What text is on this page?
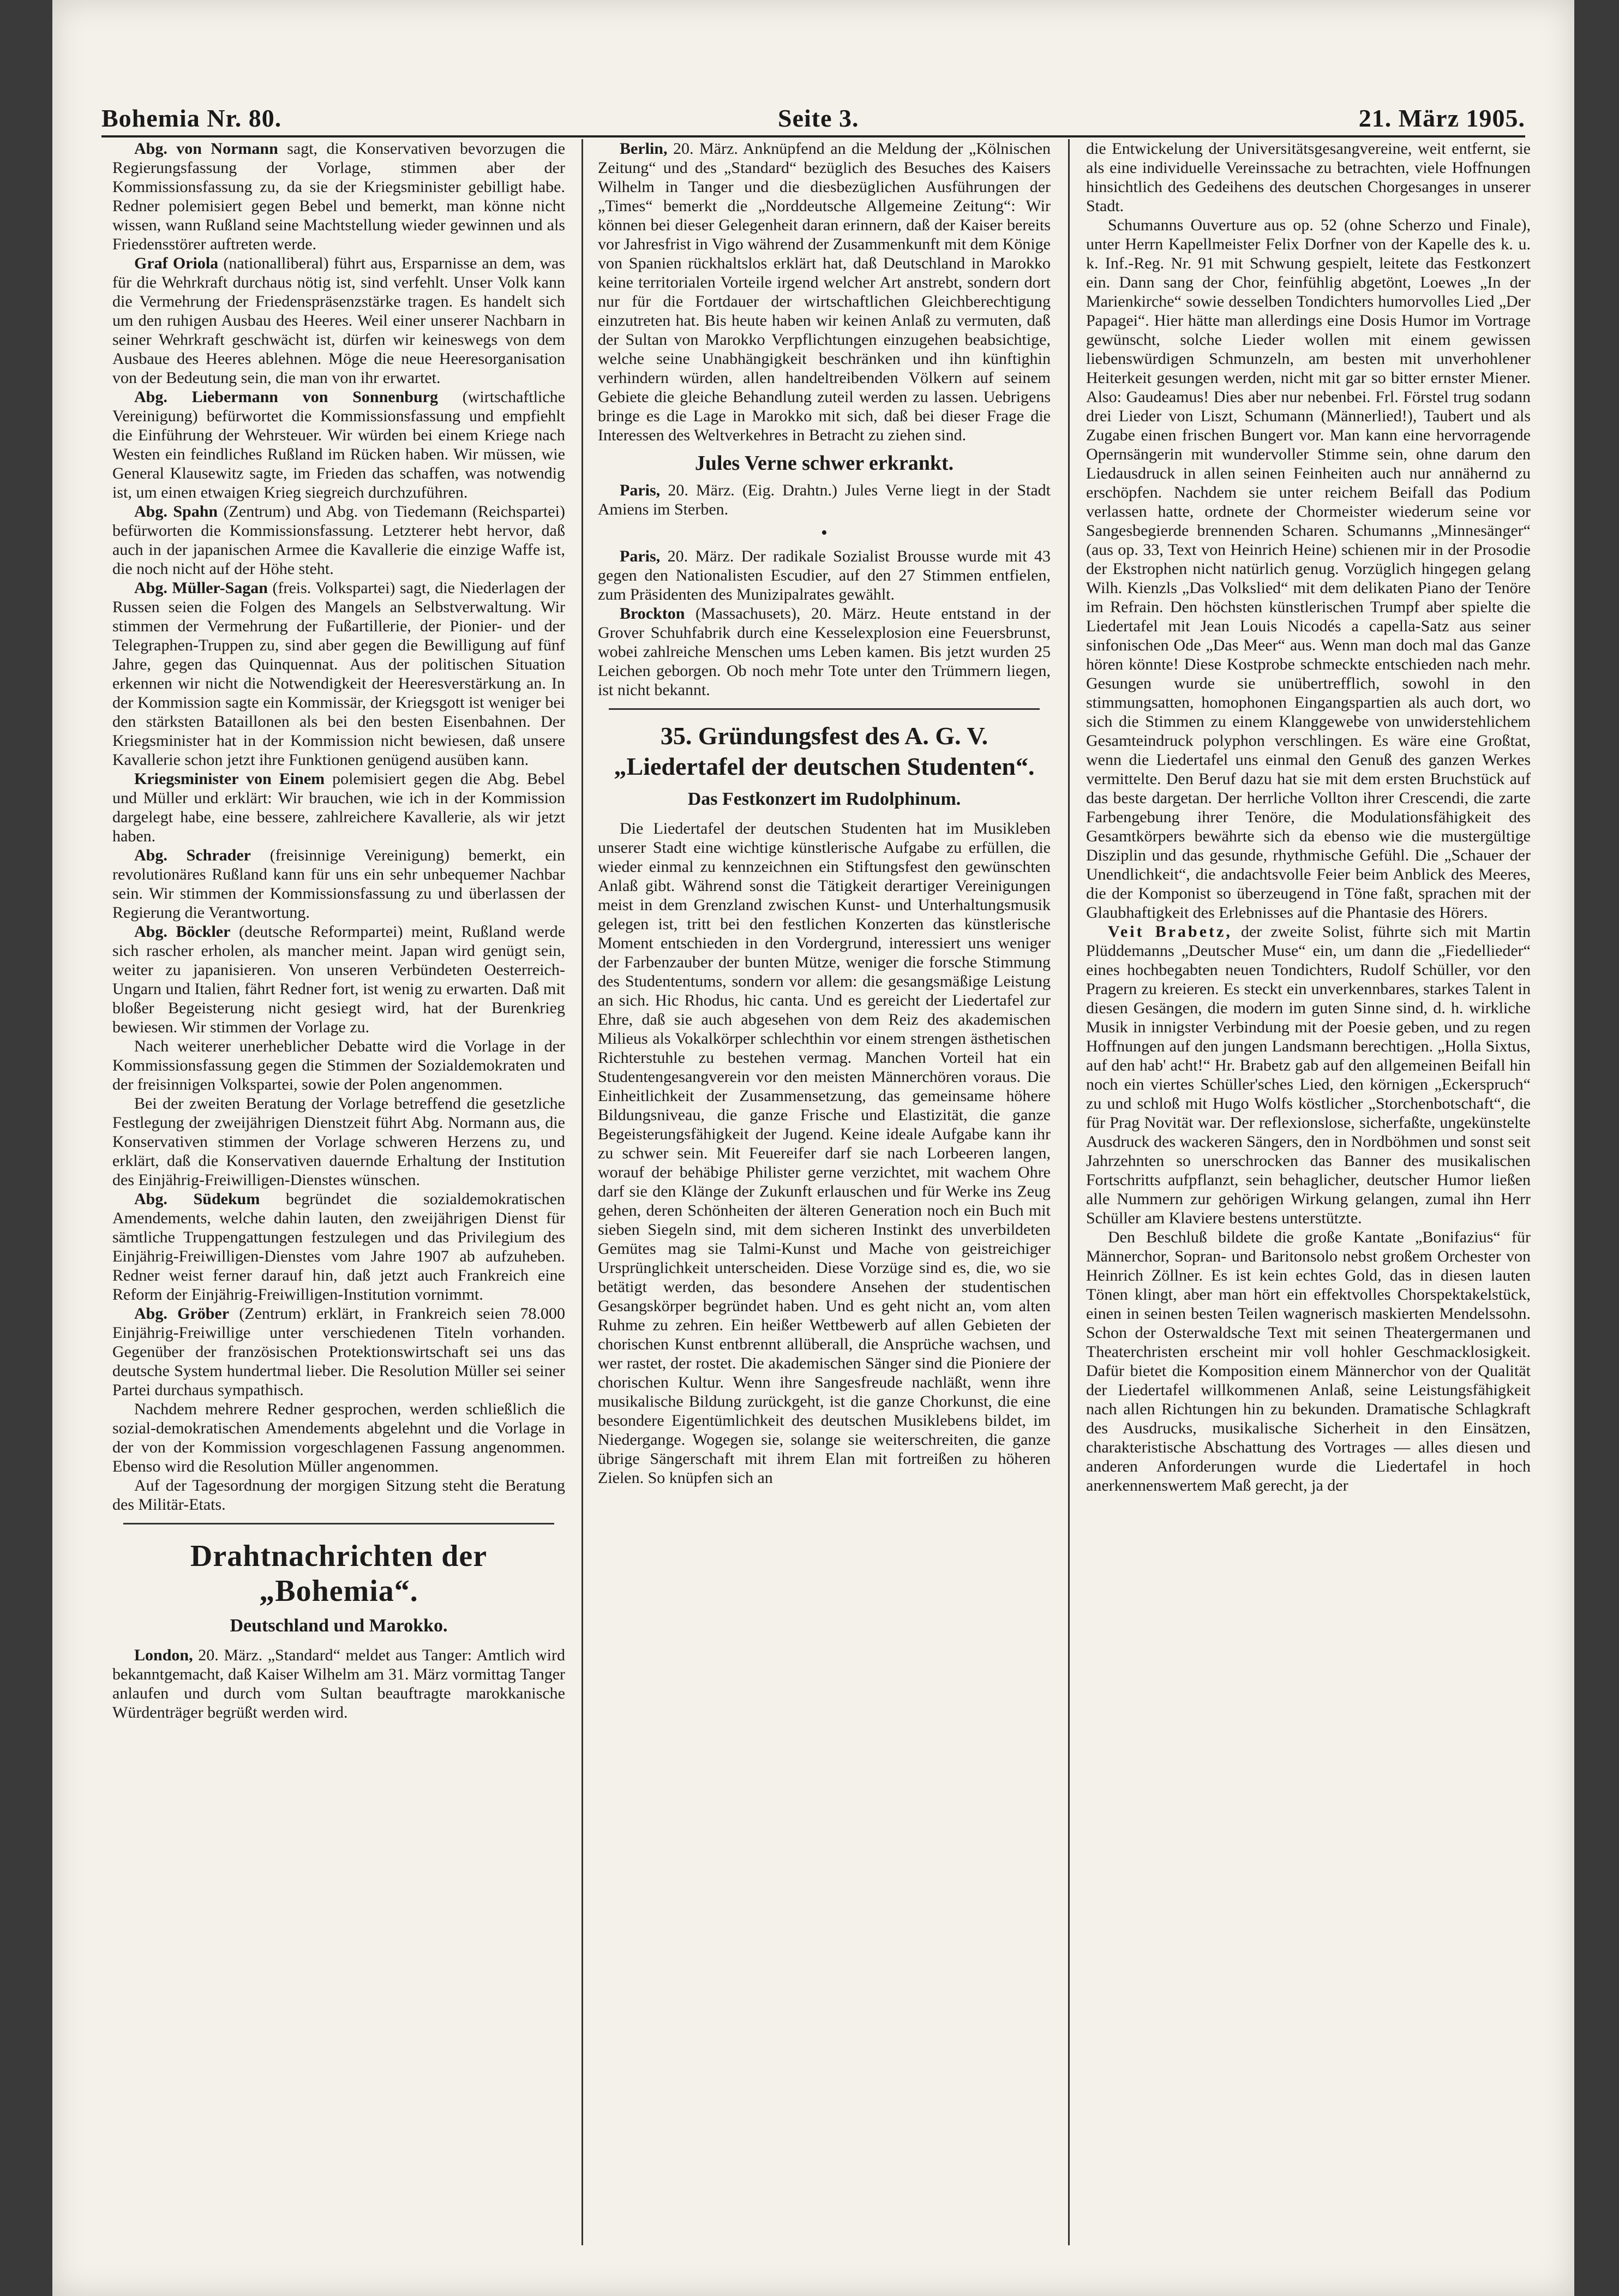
Bohemia Nr. 80.	Seite 3.	21. März 1905.

Abg. von Normann sagt, die Konservativen bevorzugen die Regierungsfassung der Vorlage, stimmen aber der Kommissionsfassung zu, da sie der Kriegsminister gebilligt habe. Redner polemisiert gegen Bebel und bemerkt, man könne nicht wissen, wann Rußland seine Machtstellung wieder gewinnen und als Friedensstörer auftreten werde.

Graf Oriola (nationalliberal) führt aus, Ersparnisse an dem, was für die Wehrkraft durchaus nötig ist, sind verfehlt. Unser Volk kann die Vermehrung der Friedenspräsenzstärke tragen. Es handelt sich um den ruhigen Ausbau des Heeres. Weil einer unserer Nachbarn in seiner Wehrkraft geschwächt ist, dürfen wir keineswegs von dem Ausbaue des Heeres ablehnen. Möge die neue Heeresorganisation von der Bedeutung sein, die man von ihr erwartet.

Abg. Liebermann von Sonnenburg (wirtschaftliche Vereinigung) befürwortet die Kommissionsfassung und empfiehlt die Einführung der Wehrsteuer. Wir würden bei einem Kriege nach Westen ein feindliches Rußland im Rücken haben. Wir müssen, wie General Klausewitz sagte, im Frieden das schaffen, was notwendig ist, um einen etwaigen Krieg siegreich durchzuführen.

Abg. Spahn (Zentrum) und Abg. von Tiedemann (Reichspartei) befürworten die Kommissionsfassung. Letzterer hebt hervor, daß auch in der japanischen Armee die Kavallerie die einzige Waffe ist, die noch nicht auf der Höhe steht.

Abg. Müller-Sagan (freis. Volkspartei) sagt, die Niederlagen der Russen seien die Folgen des Mangels an Selbstverwaltung. Wir stimmen der Vermehrung der Fußartillerie, der Pionier- und der Telegraphen-Truppen zu, sind aber gegen die Bewilligung auf fünf Jahre, gegen das Quinquennat. Aus der politischen Situation erkennen wir nicht die Notwendigkeit der Heeresverstärkung an. In der Kommission sagte ein Kommissär, der Kriegsgott ist weniger bei den stärksten Bataillonen als bei den besten Eisenbahnen. Der Kriegsminister hat in der Kommission nicht bewiesen, daß unsere Kavallerie schon jetzt ihre Funktionen genügend ausüben kann.

Kriegsminister von Einem polemisiert gegen die Abg. Bebel und Müller und erklärt: Wir brauchen, wie ich in der Kommission dargelegt habe, eine bessere, zahlreichere Kavallerie, als wir jetzt haben.

Abg. Schrader (freisinnige Vereinigung) bemerkt, ein revolutionäres Rußland kann für uns ein sehr unbequemer Nachbar sein. Wir stimmen der Kommissionsfassung zu und überlassen der Regierung die Verantwortung.

Abg. Böckler (deutsche Reformpartei) meint, Rußland werde sich rascher erholen, als mancher meint. Japan wird genügt sein, weiter zu japanisieren. Von unseren Verbündeten Oesterreich-Ungarn und Italien, fährt Redner fort, ist wenig zu erwarten. Daß mit bloßer Begeisterung nicht gesiegt wird, hat der Burenkrieg bewiesen. Wir stimmen der Vorlage zu.

Nach weiterer unerheblicher Debatte wird die Vorlage in der Kommissionsfassung gegen die Stimmen der Sozialdemokraten und der freisinnigen Volkspartei, sowie der Polen angenommen.

Bei der zweiten Beratung der Vorlage betreffend die gesetzliche Festlegung der zweijährigen Dienstzeit führt Abg. Normann aus, die Konservativen stimmen der Vorlage schweren Herzens zu, und erklärt, daß die Konservativen dauernde Erhaltung der Institution des Einjährig-Freiwilligen-Dienstes wünschen.

Abg. Südekum begründet die sozialdemokratischen Amendements, welche dahin lauten, den zweijährigen Dienst für sämtliche Truppengattungen festzulegen und das Privilegium des Einjährig-Freiwilligen-Dienstes vom Jahre 1907 ab aufzuheben. Redner weist ferner darauf hin, daß jetzt auch Frankreich eine Reform der Einjährig-Freiwilligen-Institution vornimmt.

Abg. Gröber (Zentrum) erklärt, in Frankreich seien 78.000 Einjährig-Freiwillige unter verschiedenen Titeln vorhanden. Gegenüber der französischen Protektionswirtschaft sei uns das deutsche System hundertmal lieber. Die Resolution Müller sei seiner Partei durchaus sympathisch.

Nachdem mehrere Redner gesprochen, werden schließlich die sozial-demokratischen Amendements abgelehnt und die Vorlage in der von der Kommission vorgeschlagenen Fassung angenommen. Ebenso wird die Resolution Müller angenommen.

Auf der Tagesordnung der morgigen Sitzung steht die Beratung des Militär-Etats.

Drahtnachrichten der „Bohemia“.
Deutschland und Marokko.

London, 20. März. „Standard“ meldet aus Tanger: Amtlich wird bekanntgemacht, daß Kaiser Wilhelm am 31. März vormittag Tanger anlaufen und durch vom Sultan beauftragte marokkanische Würdenträger begrüßt werden wird.

Berlin, 20. März. Anknüpfend an die Meldung der „Kölnischen Zeitung“ und des „Standard“ bezüglich des Besuches des Kaisers Wilhelm in Tanger und die diesbezüglichen Ausführungen der „Times“ bemerkt die „Norddeutsche Allgemeine Zeitung“: Wir können bei dieser Gelegenheit daran erinnern, daß der Kaiser bereits vor Jahresfrist in Vigo während der Zusammenkunft mit dem Könige von Spanien rückhaltslos erklärt hat, daß Deutschland in Marokko keine territorialen Vorteile irgend welcher Art anstrebt, sondern dort nur für die Fortdauer der wirtschaftlichen Gleichberechtigung einzutreten hat. Bis heute haben wir keinen Anlaß zu vermuten, daß der Sultan von Marokko Verpflichtungen einzugehen beabsichtige, welche seine Unabhängigkeit beschränken und ihn künftighin verhindern würden, allen handeltreibenden Völkern auf seinem Gebiete die gleiche Behandlung zuteil werden zu lassen. Uebrigens bringe es die Lage in Marokko mit sich, daß bei dieser Frage die Interessen des Weltverkehres in Betracht zu ziehen sind.

Jules Verne schwer erkrankt.

Paris, 20. März. (Eig. Drahtn.) Jules Verne liegt in der Stadt Amiens im Sterben.

•

Paris, 20. März. Der radikale Sozialist Brousse wurde mit 43 gegen den Nationalisten Escudier, auf den 27 Stimmen entfielen, zum Präsidenten des Munizipalrates gewählt.

Brockton (Massachusets), 20. März. Heute entstand in der Grover Schuhfabrik durch eine Kesselexplosion eine Feuersbrunst, wobei zahlreiche Menschen ums Leben kamen. Bis jetzt wurden 25 Leichen geborgen. Ob noch mehr Tote unter den Trümmern liegen, ist nicht bekannt.

35. Gründungsfest des A. G. V. „Liedertafel der deutschen Studenten“.
Das Festkonzert im Rudolphinum.

Die Liedertafel der deutschen Studenten hat im Musikleben unserer Stadt eine wichtige künstlerische Aufgabe zu erfüllen, die wieder einmal zu kennzeichnen ein Stiftungsfest den gewünschten Anlaß gibt. Während sonst die Tätigkeit derartiger Vereinigungen meist in dem Grenzland zwischen Kunst- und Unterhaltungsmusik gelegen ist, tritt bei den festlichen Konzerten das künstlerische Moment entschieden in den Vordergrund, interessiert uns weniger der Farbenzauber der bunten Mütze, weniger die forsche Stimmung des Studententums, sondern vor allem: die gesangsmäßige Leistung an sich. Hic Rhodus, hic canta. Und es gereicht der Liedertafel zur Ehre, daß sie auch abgesehen von dem Reiz des akademischen Milieus als Vokalkörper schlechthin vor einem strengen ästhetischen Richterstuhle zu bestehen vermag. Manchen Vorteil hat ein Studentengesangverein vor den meisten Männerchören voraus. Die Einheitlichkeit der Zusammensetzung, das gemeinsame höhere Bildungsniveau, die ganze Frische und Elastizität, die ganze Begeisterungsfähigkeit der Jugend. Keine ideale Aufgabe kann ihr zu schwer sein. Mit Feuereifer darf sie nach Lorbeeren langen, worauf der behäbige Philister gerne verzichtet, mit wachem Ohre darf sie den Klänge der Zukunft erlauschen und für Werke ins Zeug gehen, deren Schönheiten der älteren Generation noch ein Buch mit sieben Siegeln sind, mit dem sicheren Instinkt des unverbildeten Gemütes mag sie Talmi-Kunst und Mache von geistreichiger Ursprünglichkeit unterscheiden. Diese Vorzüge sind es, die, wo sie betätigt werden, das besondere Ansehen der studentischen Gesangskörper begründet haben. Und es geht nicht an, vom alten Ruhme zu zehren. Ein heißer Wettbewerb auf allen Gebieten der chorischen Kunst entbrennt allüberall, die Ansprüche wachsen, und wer rastet, der rostet. Die akademischen Sänger sind die Pioniere der chorischen Kultur. Wenn ihre Sangesfreude nachläßt, wenn ihre musikalische Bildung zurückgeht, ist die ganze Chorkunst, die eine besondere Eigentümlichkeit des deutschen Musiklebens bildet, im Niedergange. Wogegen sie, solange sie weiterschreiten, die ganze übrige Sängerschaft mit ihrem Elan mit fortreißen zu höheren Zielen. So knüpfen sich an

die Entwickelung der Universitätsgesangvereine, weit entfernt, sie als eine individuelle Vereinssache zu betrachten, viele Hoffnungen hinsichtlich des Gedeihens des deutschen Chorgesanges in unserer Stadt.

Schumanns Ouverture aus op. 52 (ohne Scherzo und Finale), unter Herrn Kapellmeister Felix Dorfner von der Kapelle des k. u. k. Inf.-Reg. Nr. 91 mit Schwung gespielt, leitete das Festkonzert ein. Dann sang der Chor, feinfühlig abgetönt, Loewes „In der Marienkirche“ sowie desselben Tondichters humorvolles Lied „Der Papagei“. Hier hätte man allerdings eine Dosis Humor im Vortrage gewünscht, solche Lieder wollen mit einem gewissen liebenswürdigen Schmunzeln, am besten mit unverhohlener Heiterkeit gesungen werden, nicht mit gar so bitter ernster Miener. Also: Gaudeamus! Dies aber nur nebenbei. Frl. Förstel trug sodann drei Lieder von Liszt, Schumann (Männerlied!), Taubert und als Zugabe einen frischen Bungert vor. Man kann eine hervorragende Opernsängerin mit wundervoller Stimme sein, ohne darum den Liedausdruck in allen seinen Feinheiten auch nur annähernd zu erschöpfen. Nachdem sie unter reichem Beifall das Podium verlassen hatte, ordnete der Chormeister wiederum seine vor Sangesbegierde brennenden Scharen. Schumanns „Minnesänger“ (aus op. 33, Text von Heinrich Heine) schienen mir in der Prosodie der Ekstrophen nicht natürlich genug. Vorzüglich hingegen gelang Wilh. Kienzls „Das Volkslied“ mit dem delikaten Piano der Tenöre im Refrain. Den höchsten künstlerischen Trumpf aber spielte die Liedertafel mit Jean Louis Nicodés a capella-Satz aus seiner sinfonischen Ode „Das Meer“ aus. Wenn man doch mal das Ganze hören könnte! Diese Kostprobe schmeckte entschieden nach mehr. Gesungen wurde sie unübertrefflich, sowohl in den stimmungsatten, homophonen Eingangspartien als auch dort, wo sich die Stimmen zu einem Klanggewebe von unwiderstehlichem Gesamteindruck polyphon verschlingen. Es wäre eine Großtat, wenn die Liedertafel uns einmal den Genuß des ganzen Werkes vermittelte. Den Beruf dazu hat sie mit dem ersten Bruchstück auf das beste dargetan. Der herrliche Vollton ihrer Crescendi, die zarte Farbengebung ihrer Tenöre, die Modulationsfähigkeit des Gesamtkörpers bewährte sich da ebenso wie die mustergültige Disziplin und das gesunde, rhythmische Gefühl. Die „Schauer der Unendlichkeit“, die andachtsvolle Feier beim Anblick des Meeres, die der Komponist so überzeugend in Töne faßt, sprachen mit der Glaubhaftigkeit des Erlebnisses auf die Phantasie des Hörers.

Veit Brabetz, der zweite Solist, führte sich mit Martin Plüddemanns „Deutscher Muse“ ein, um dann die „Fiedellieder“ eines hochbegabten neuen Tondichters, Rudolf Schüller, vor den Pragern zu kreieren. Es steckt ein unverkennbares, starkes Talent in diesen Gesängen, die modern im guten Sinne sind, d. h. wirkliche Musik in innigster Verbindung mit der Poesie geben, und zu regen Hoffnungen auf den jungen Landsmann berechtigen. „Holla Sixtus, auf den hab' acht!“ Hr. Brabetz gab auf den allgemeinen Beifall hin noch ein viertes Schüller'sches Lied, den körnigen „Eckerspruch“ zu und schloß mit Hugo Wolfs köstlicher „Storchenbotschaft“, die für Prag Novität war. Der reflexionslose, sicherfaßte, ungekünstelte Ausdruck des wackeren Sängers, den in Nordböhmen und sonst seit Jahrzehnten so unerschrocken das Banner des musikalischen Fortschritts aufpflanzt, sein behaglicher, deutscher Humor ließen alle Nummern zur gehörigen Wirkung gelangen, zumal ihn Herr Schüller am Klaviere bestens unterstützte.

Den Beschluß bildete die große Kantate „Bonifazius“ für Männerchor, Sopran- und Baritonsolo nebst großem Orchester von Heinrich Zöllner. Es ist kein echtes Gold, das in diesen lauten Tönen klingt, aber man hört ein effektvolles Chorspektakelstück, einen in seinen besten Teilen wagnerisch maskierten Mendelssohn. Schon der Osterwaldsche Text mit seinen Theatergermanen und Theaterchristen erscheint mir voll hohler Geschmacklosigkeit. Dafür bietet die Komposition einem Männerchor von der Qualität der Liedertafel willkommenen Anlaß, seine Leistungsfähigkeit nach allen Richtungen hin zu bekunden. Dramatische Schlagkraft des Ausdrucks, musikalische Sicherheit in den Einsätzen, charakteristische Abschattung des Vortrages — alles diesen und anderen Anforderungen wurde die Liedertafel in hoch anerkennenswertem Maß gerecht, ja der
